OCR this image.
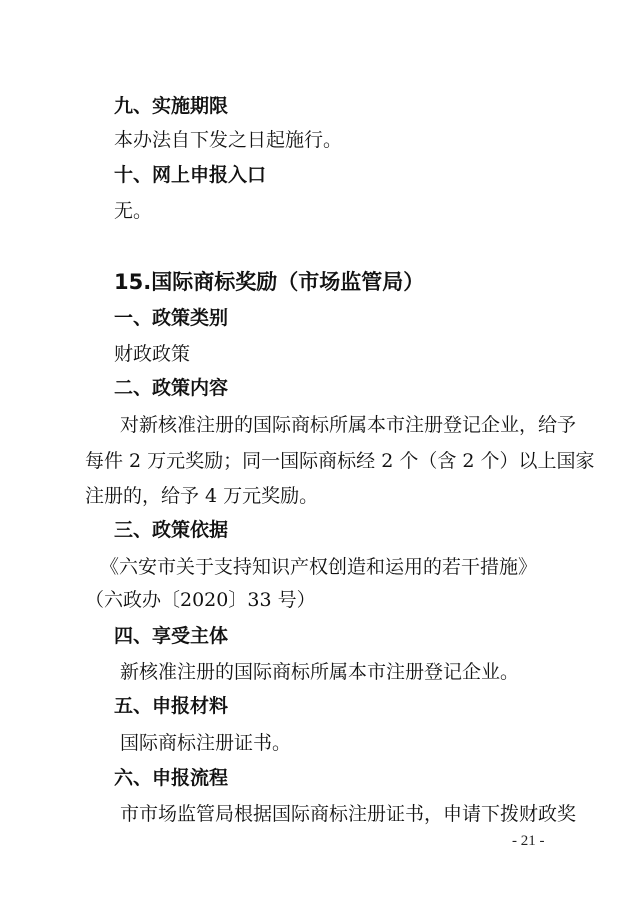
九、实施期限
本办法自下发之日起施行。
十、网上申报入口
无。
15.国际商标奖励（市场监管局）
一、政策类别
财政政策
二、政策内容
对新核准注册的国际商标所属本市注册登记企业，给予
每件 2 万元奖励；同一国际商标经 2 个（含 2 个）以上国家
注册的，给予 4 万元奖励。
三、政策依据
《六安市关于支持知识产权创造和运用的若干措施》
（六政办〔2020〕33 号）
四、享受主体
新核准注册的国际商标所属本市注册登记企业。
五、申报材料
国际商标注册证书。
六、申报流程
市市场监管局根据国际商标注册证书，申请下拨财政奖
- 21 -
